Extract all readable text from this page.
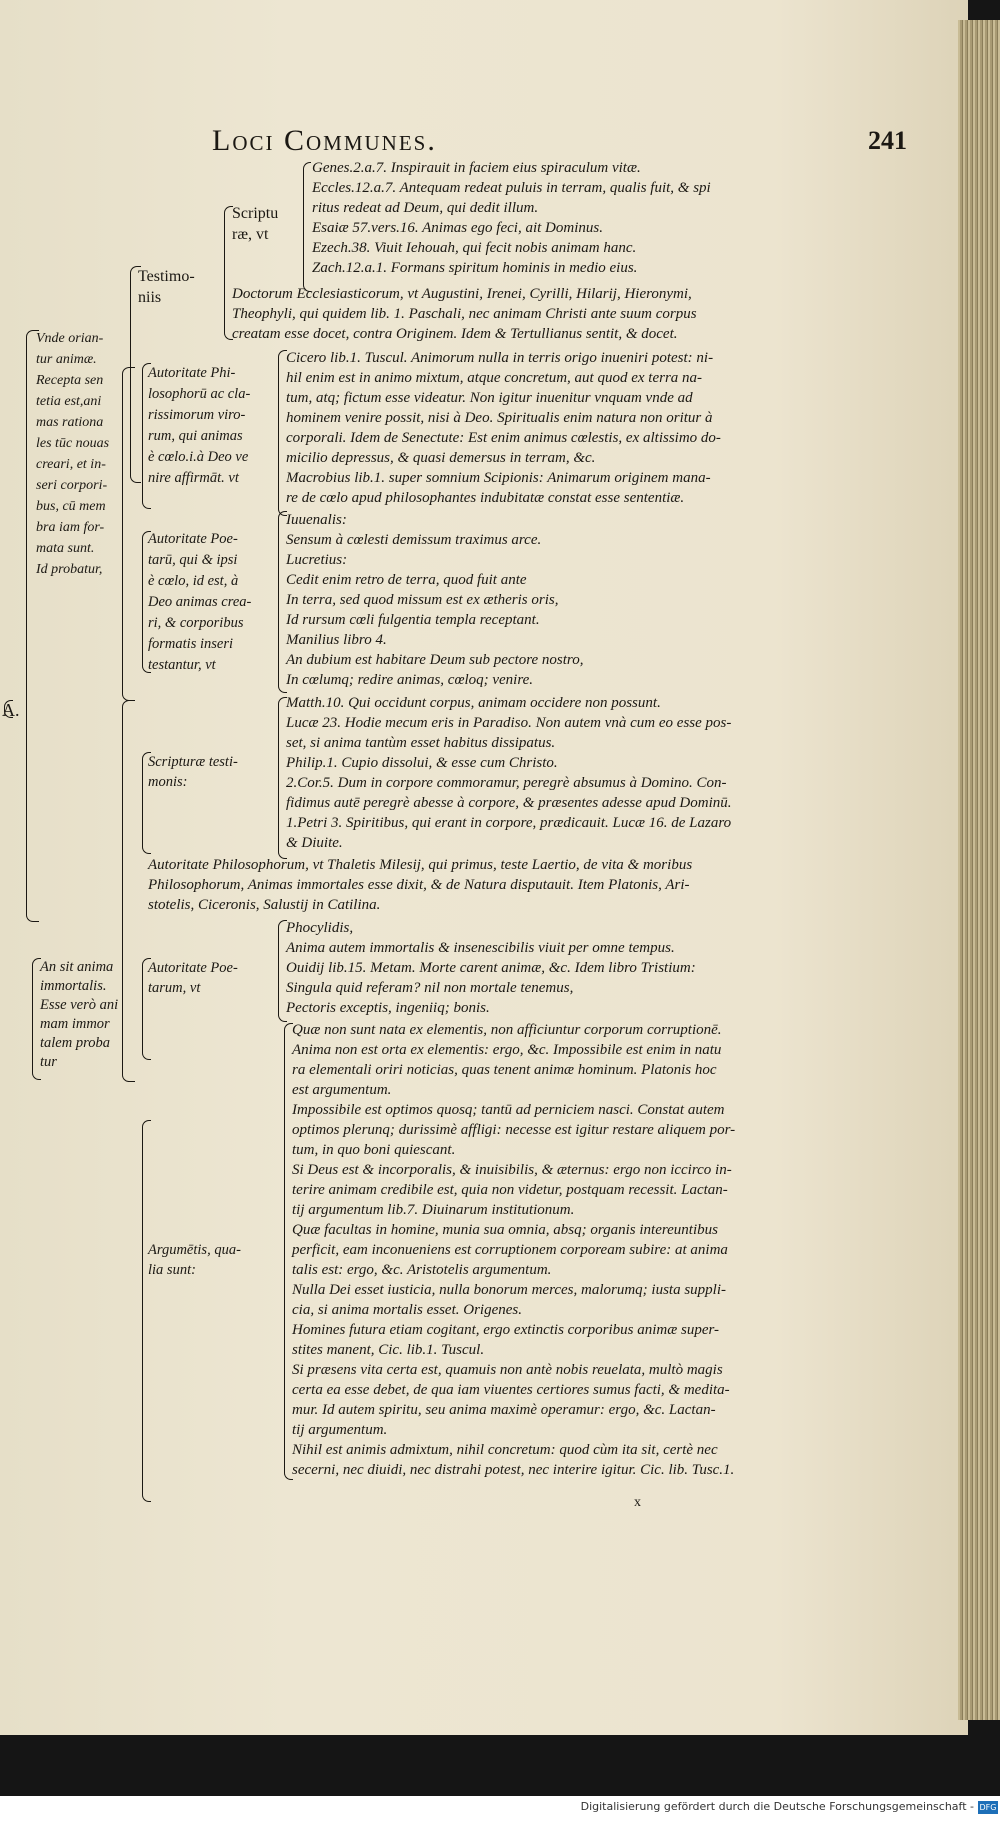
Loci Communes.	241
Vnde orian-
tur animæ.
Recepta sen
tetia est,ani
mas rationa
les tūc nouas
creari, et in-
seri corpori-
bus, cū mem
bra iam for-
mata sunt.
Id probatur,
Testimo-
niis
Scriptu
ræ, vt
Genes.2.a.7. Inspirauit in faciem eius spiraculum vitæ.
Eccles.12.a.7. Antequam redeat puluis in terram, qualis fuit, & spi
ritus redeat ad Deum, qui dedit illum.
Esaiæ 57.vers.16. Animas ego feci, ait Dominus.
Ezech.38. Viuit Iehouah, qui fecit nobis animam hanc.
Zach.12.a.1. Formans spiritum hominis in medio eius.
Doctorum Ecclesiasticorum, vt Augustini, Irenei, Cyrilli, Hilarij, Hieronymi,
Theophyli, qui quidem lib. 1. Paschali, nec animam Christi ante suum corpus
creatam esse docet, contra Originem. Idem & Tertullianus sentit, & docet.
Autoritate Phi-
losophorū ac cla-
rissimorum viro-
rum, qui animas
è cœlo.i.à Deo ve
nire affirmāt. vt
Cicero lib.1. Tuscul. Animorum nulla in terris origo inueniri potest: ni-
hil enim est in animo mixtum, atque concretum, aut quod ex terra na-
tum, atq; fictum esse videatur. Non igitur inuenitur vnquam vnde ad
hominem venire possit, nisi à Deo. Spiritualis enim natura non oritur à
corporali. Idem de Senectute: Est enim animus cœlestis, ex altissimo do-
micilio depressus, & quasi demersus in terram, &c.
Macrobius lib.1. super somnium Scipionis: Animarum originem mana-
re de cœlo apud philosophantes indubitatæ constat esse sententiæ.
Autoritate Poe-
tarū, qui & ipsi
è cœlo, id est, à
Deo animas crea-
ri, & corporibus
formatis inseri
testantur, vt
Iuuenalis:
Sensum à cœlesti demissum traximus arce.
Lucretius:
Cedit enim retro de terra, quod fuit ante
In terra, sed quod missum est ex ætheris oris,
Id rursum cœli fulgentia templa receptant.
Manilius libro 4.
An dubium est habitare Deum sub pectore nostro,
In cœlumq; redire animas, cœloq; venire.
Scripturæ testi-
monis:
Matth.10. Qui occidunt corpus, animam occidere non possunt.
Lucæ 23. Hodie mecum eris in Paradiso. Non autem vnà cum eo esse pos-
set, si anima tantùm esset habitus dissipatus.
Philip.1. Cupio dissolui, & esse cum Christo.
2.Cor.5. Dum in corpore commoramur, peregrè absumus à Domino. Con-
fidimus autē peregrè abesse à corpore, & præsentes adesse apud Dominū.
1.Petri 3. Spiritibus, qui erant in corpore, prædicauit. Lucæ 16. de Lazaro
& Diuite.
Autoritate Philosophorum, vt Thaletis Milesij, qui primus, teste Laertio, de vita & moribus
Philosophorum, Animas immortales esse dixit, & de Natura disputauit. Item Platonis, Ari-
stotelis, Ciceronis, Salustij in Catilina.
An sit anima
immortalis.
Esse verò ani
mam immor
talem proba
tur
Autoritate Poe-
tarum, vt
Phocylidis,
Anima autem immortalis & insenescibilis viuit per omne tempus.
Ouidij lib.15. Metam. Morte carent animæ, &c. Idem libro Tristium:
Singula quid referam? nil non mortale tenemus,
Pectoris exceptis, ingeniiq; bonis.
Argumētis, qua-
lia sunt:
Quæ non sunt nata ex elementis, non afficiuntur corporum corruptionē.
Anima non est orta ex elementis: ergo, &c. Impossibile est enim in natu
ra elementali oriri noticias, quas tenent animæ hominum. Platonis hoc
est argumentum.
Impossibile est optimos quosq; tantū ad perniciem nasci. Constat autem
optimos plerunq; durissimè affligi: necesse est igitur restare aliquem por-
tum, in quo boni quiescant.
Si Deus est & incorporalis, & inuisibilis, & æternus: ergo non iccirco in-
terire animam credibile est, quia non videtur, postquam recessit. Lactan-
tij argumentum lib.7. Diuinarum institutionum.
Quæ facultas in homine, munia sua omnia, absq; organis intereuntibus
perficit, eam inconueniens est corruptionem corpoream subire: at anima
talis est: ergo, &c. Aristotelis argumentum.
Nulla Dei esset iusticia, nulla bonorum merces, malorumq; iusta suppli-
cia, si anima mortalis esset. Origenes.
Homines futura etiam cogitant, ergo extinctis corporibus animæ super-
stites manent, Cic. lib.1. Tuscul.
Si præsens vita certa est, quamuis non antè nobis reuelata, multò magis
certa ea esse debet, de qua iam viuentes certiores sumus facti, & medita-
mur. Id autem spiritu, seu anima maximè operamur: ergo, &c. Lactan-
tij argumentum.
Nihil est animis admixtum, nihil concretum: quod cùm ita sit, certè nec
secerni, nec diuidi, nec distrahi potest, nec interire igitur. Cic. lib. Tusc.1.
A.
x
Digitalisierung gefördert durch die Deutsche Forschungsgemeinschaft - DFG
